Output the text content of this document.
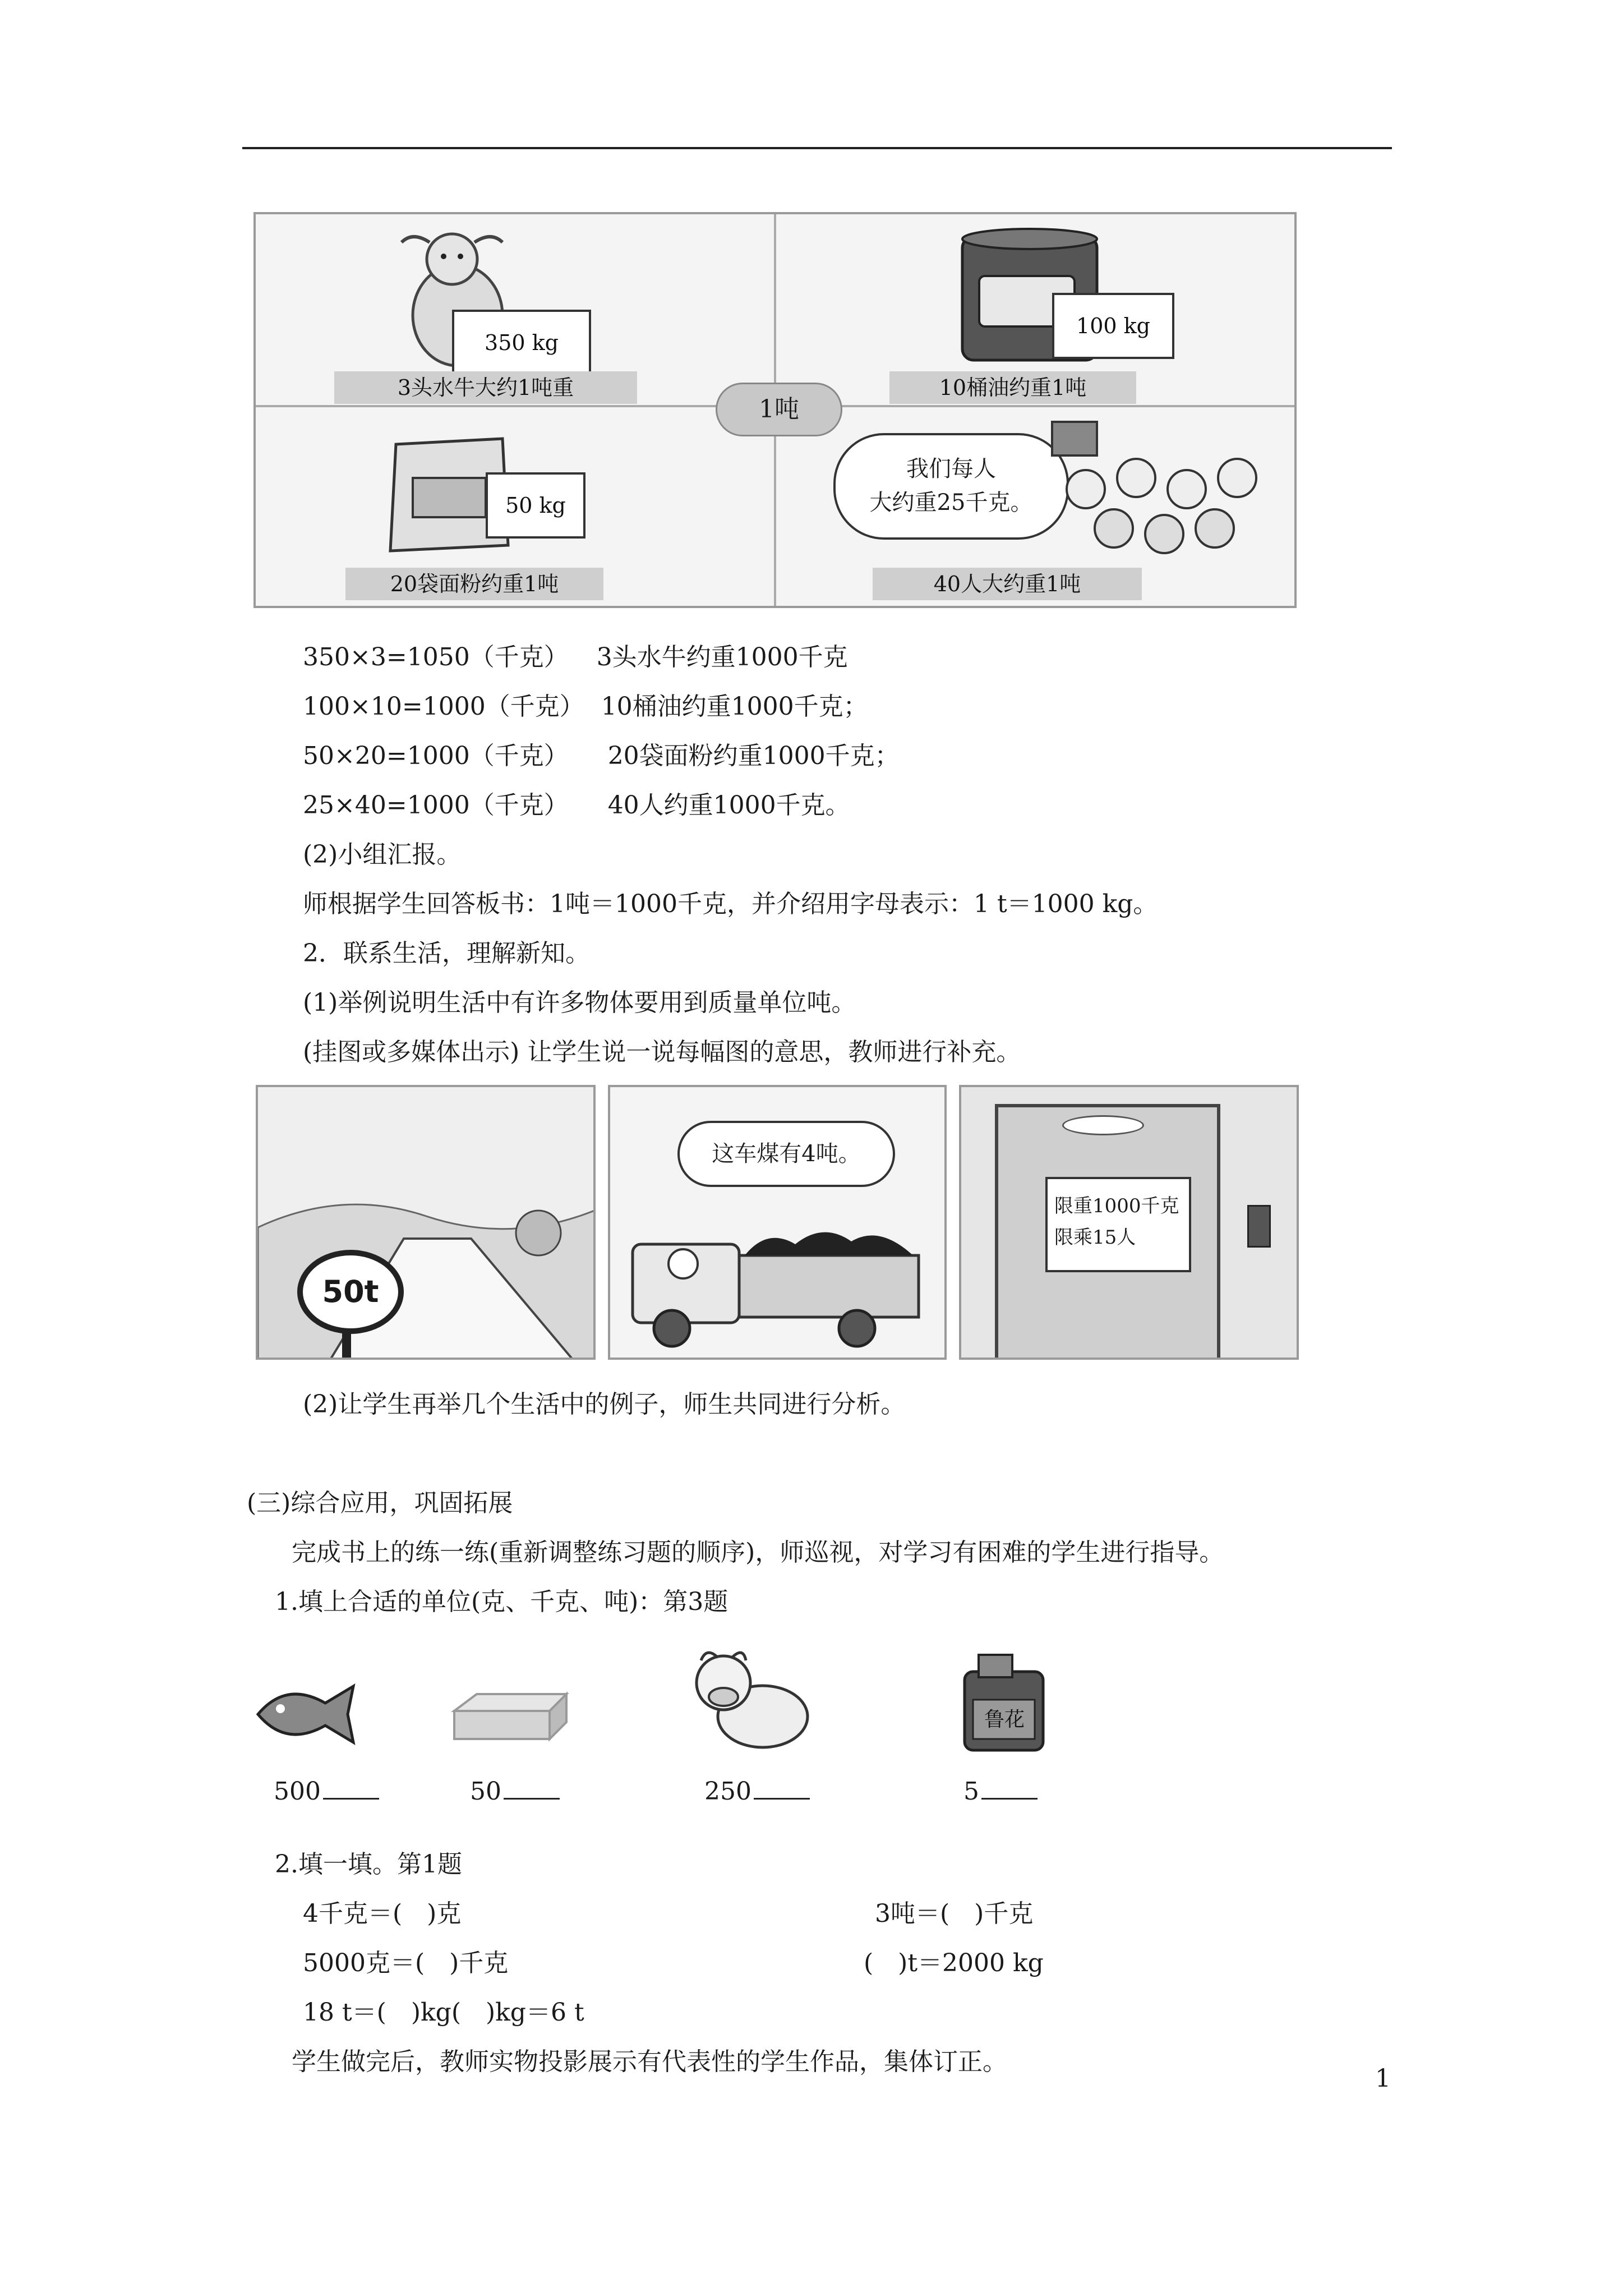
350 kg
3头水牛大约1吨重
100 kg
10桶油约重1吨
1吨
50 kg
20袋面粉约重1吨
我们每人
大约重25千克。
40人大约重1吨
350×3=1050（千克） 3头水牛约重1000千克
100×10=1000（千克） 10桶油约重1000千克；
50×20=1000（千克） 20袋面粉约重1000千克；
25×40=1000（千克） 40人约重1000千克。
(2)小组汇报。
师根据学生回答板书：1吨＝1000千克，并介绍用字母表示：1 t＝1000 kg。
2．联系生活，理解新知。
(1)举例说明生活中有许多物体要用到质量单位吨。
(挂图或多媒体出示) 让学生说一说每幅图的意思，教师进行补充。
50t
这车煤有4吨。
限重1000千克
限乘15人
(2)让学生再举几个生活中的例子，师生共同进行分析。
(三)综合应用，巩固拓展
完成书上的练一练(重新调整练习题的顺序)，师巡视，对学习有困难的学生进行指导。
1.填上合适的单位(克、千克、吨)：第3题
鲁花
500	50	250	5
2.填一填。第1题
4千克＝(　)克	3吨＝(　)千克
5000克＝(　)千克	(　)t＝2000 kg
18 t＝(　)kg(　)kg＝6 t
学生做完后，教师实物投影展示有代表性的学生作品，集体订正。
1
